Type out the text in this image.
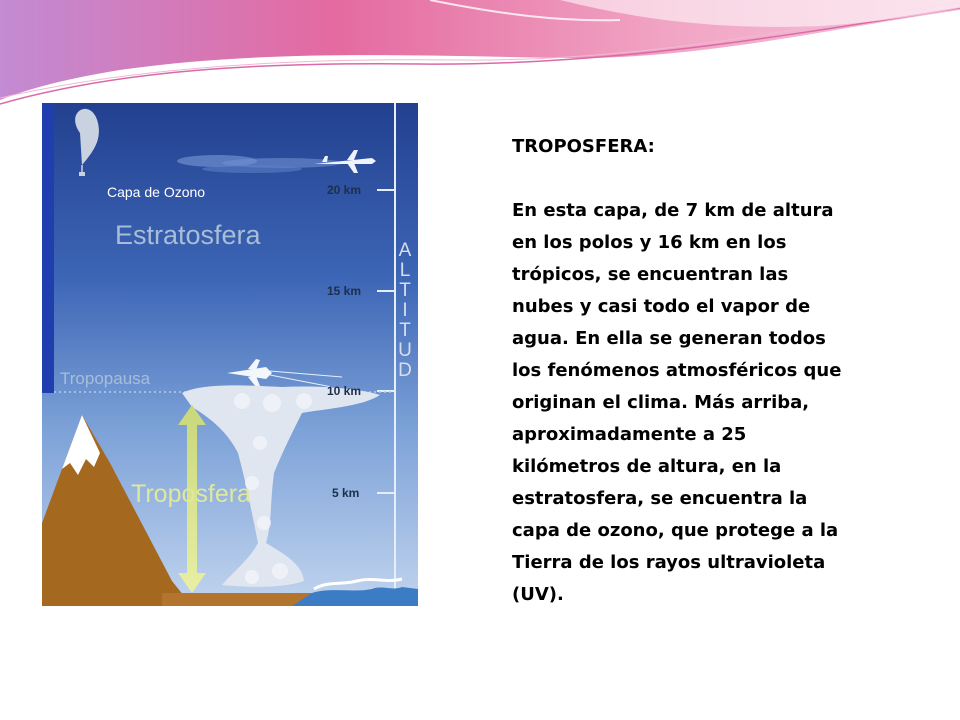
Capa de Ozono

Estratosfera

Tropopausa

Troposfera

20 km

15 km

10 km

5 km

A
L
T
I
T
U
D

TROPOSFERA:

En esta capa, de 7 km de altura en los polos y 16 km en los trópicos, se encuentran las nubes y casi todo el vapor de agua. En ella se generan todos los fenómenos atmosféricos que originan el clima. Más arriba, aproximadamente a 25 kilómetros de altura, en la estratosfera, se encuentra la capa de ozono, que protege a la Tierra de los rayos ultravioleta (UV).
